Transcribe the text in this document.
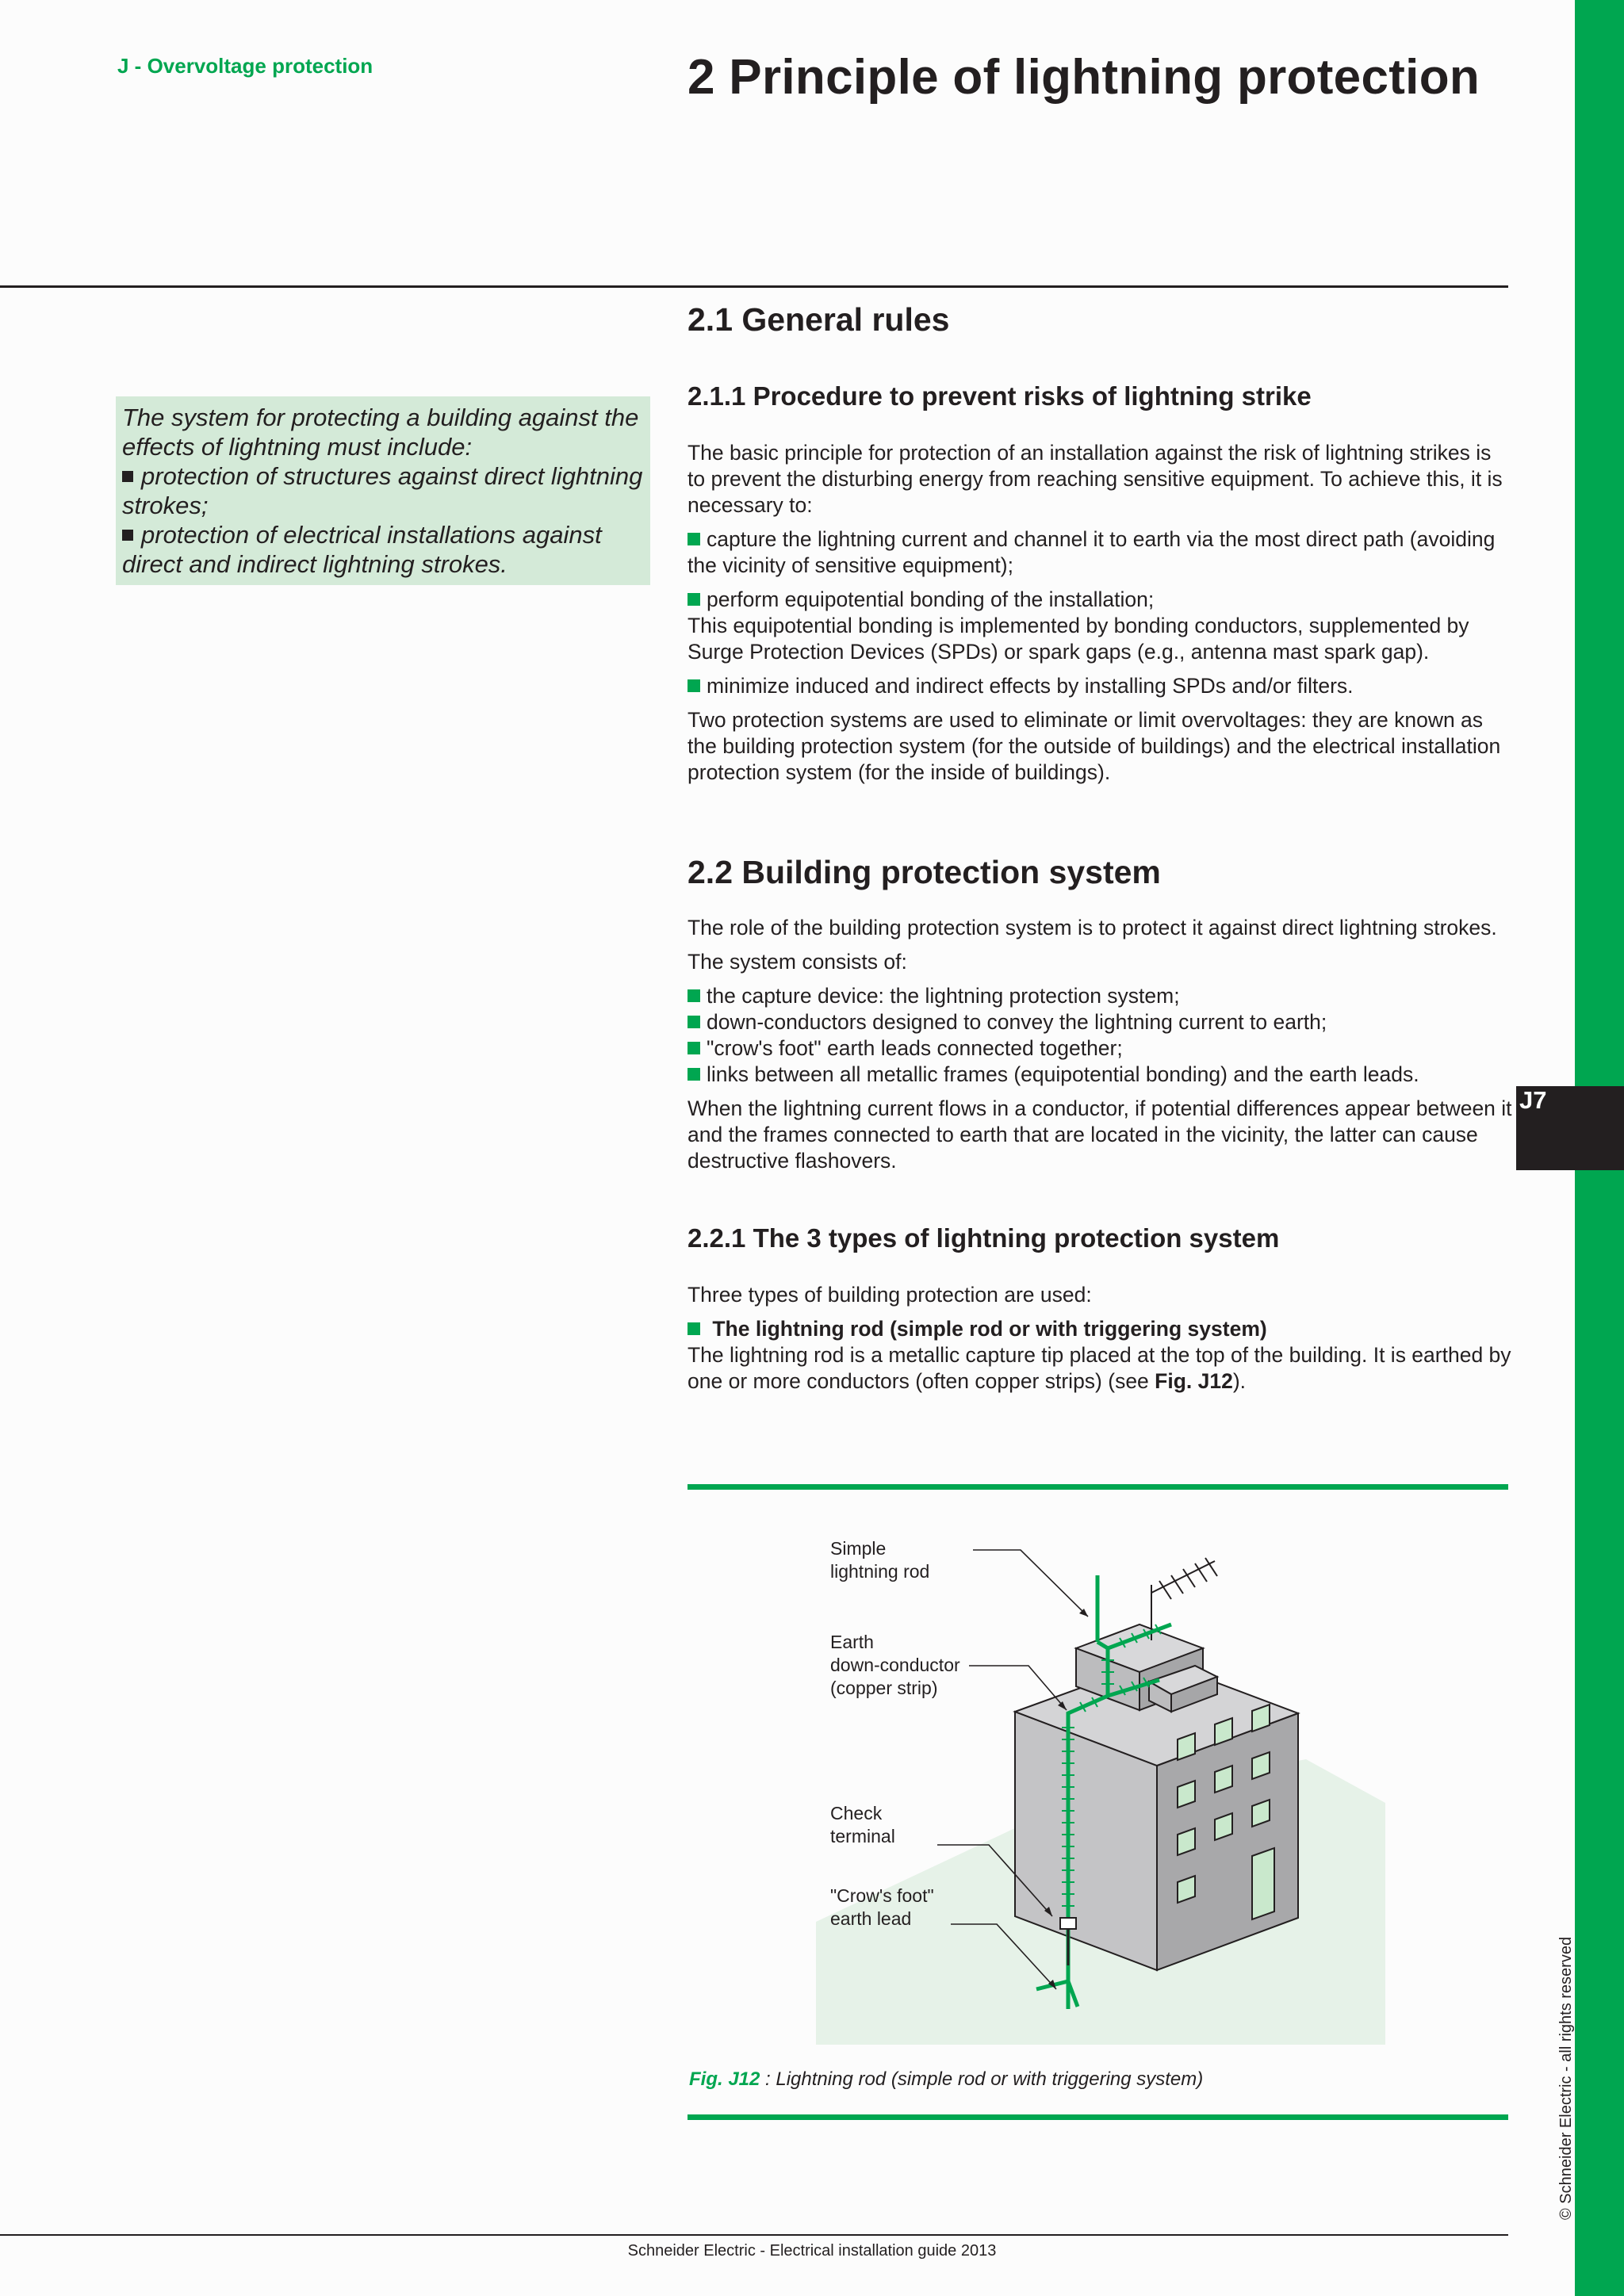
J7
© Schneider Electric - all rights reserved
J - Overvoltage protection	2 Principle of lightning protection

The system for protecting a building against the effects of lightning must include:

protection of structures against direct lightning strokes;

protection of electrical installations against direct and indirect lightning strokes.

2.1 General rules
2.1.1 Procedure to prevent risks of lightning strike

The basic principle for protection of an installation against the risk of lightning strikes is to prevent the disturbing energy from reaching sensitive equipment. To achieve this, it is necessary to:

capture the lightning current and channel it to earth via the most direct path (avoiding the vicinity of sensitive equipment);

perform equipotential bonding of the installation;

This equipotential bonding is implemented by bonding conductors, supplemented by Surge Protection Devices (SPDs) or spark gaps (e.g., antenna mast spark gap).

minimize induced and indirect effects by installing SPDs and/or filters.

Two protection systems are used to eliminate or limit overvoltages: they are known as the building protection system (for the outside of buildings) and the electrical installation protection system (for the inside of buildings).

2.2 Building protection system

The role of the building protection system is to protect it against direct lightning strokes.

The system consists of:

the capture device: the lightning protection system;

down-conductors designed to convey the lightning current to earth;

"crow's foot" earth leads connected together;

links between all metallic frames (equipotential bonding) and the earth leads.

When the lightning current flows in a conductor, if potential differences appear between it and the frames connected to earth that are located in the vicinity, the latter can cause destructive flashovers.

2.2.1 The 3 types of lightning protection system

Three types of building protection are used:

The lightning rod (simple rod or with triggering system)

The lightning rod is a metallic capture tip placed at the top of the building. It is earthed by one or more conductors (often copper strips) (see Fig. J12).

Simple
lightning rod
Earth
down-conductor
(copper strip)
Check
terminal
"Crow's foot"
earth lead

Fig. J12 : Lightning rod (simple rod or with triggering system)

Schneider Electric - Electrical installation guide 2013
